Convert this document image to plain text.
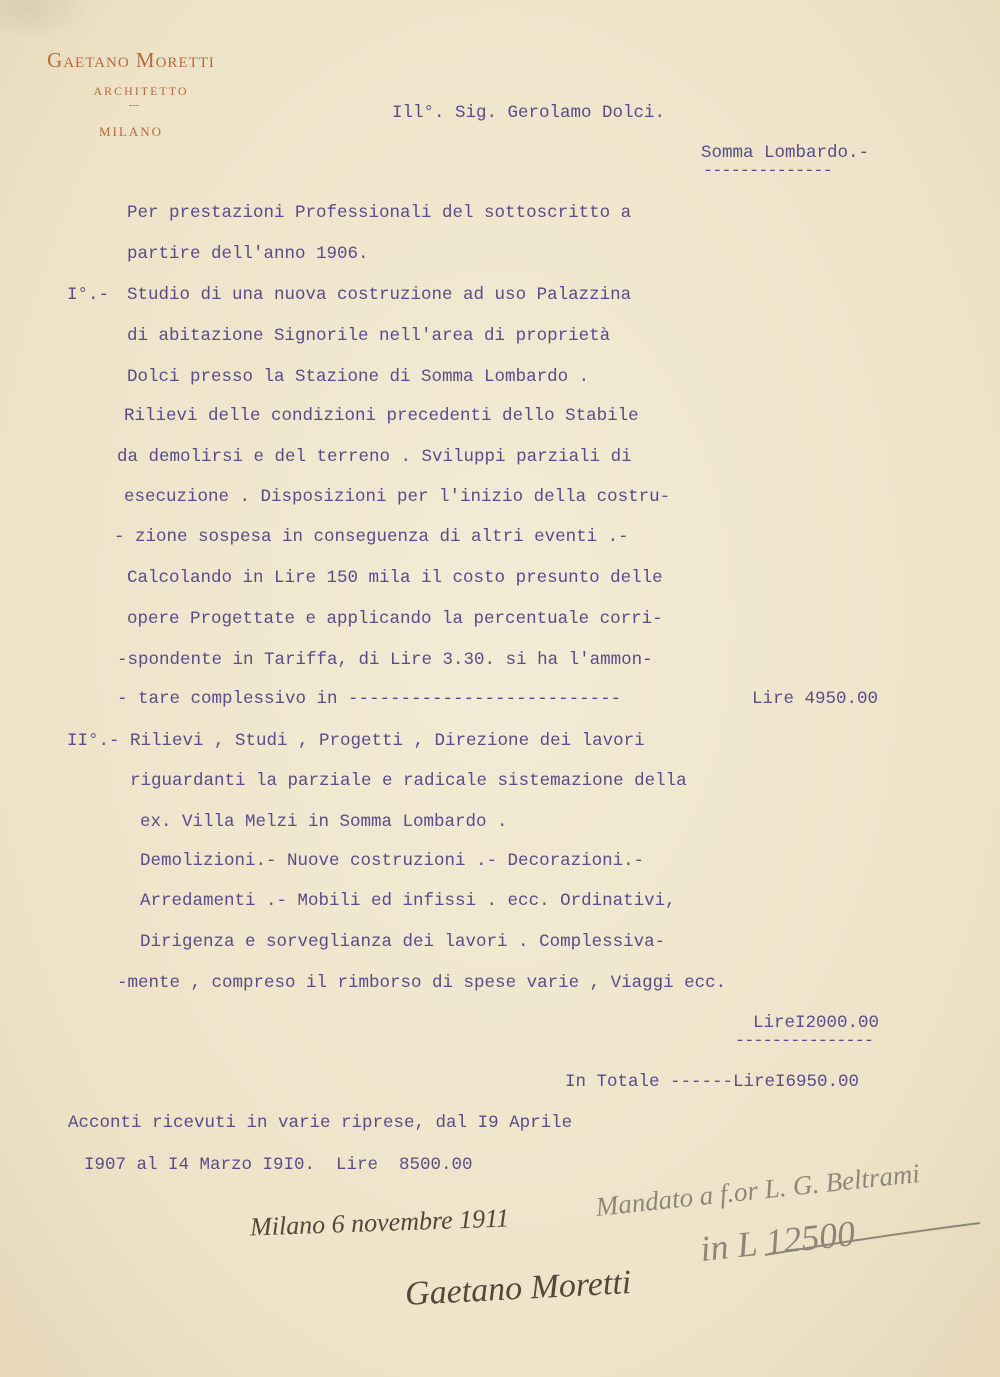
Gaetano Moretti
ARCHITETTO
---
MILANO
Ill°. Sig. Gerolamo Dolci.
Somma Lombardo.-
--------------
Per prestazioni Professionali del sottoscritto a
partire dell'anno 1906.
I°.- Studio di una nuova costruzione ad uso Palazzina
di abitazione Signorile nell'area di proprietà
Dolci presso la Stazione di Somma Lombardo .
Rilievi delle condizioni precedenti dello Stabile
da demolirsi e del terreno . Sviluppi parziali di
esecuzione . Disposizioni per l'inizio della costru-
- zione sospesa in conseguenza di altri eventi .-
Calcolando in Lire 150 mila il costo presunto delle
opere Progettate e applicando la percentuale corri-
-spondente in Tariffa, di Lire 3.30. si ha l'ammon-
- tare complessivo in --------------------------	Lire 4950.00
II°.- Rilievi , Studi , Progetti , Direzione dei lavori
riguardanti la parziale e radicale sistemazione della
ex. Villa Melzi in Somma Lombardo .
Demolizioni.- Nuove costruzioni .- Decorazioni.-
Arredamenti .- Mobili ed infissi . ecc. Ordinativi,
Dirigenza e sorveglianza dei lavori . Complessiva-
-mente , compreso il rimborso di spese varie , Viaggi ecc.
LireI2000.00
---------------
In Totale ------LireI6950.00
Acconti ricevuti in varie riprese, dal I9 Aprile
I907 al I4 Marzo I9I0.  Lire  8500.00
Milano 6 novembre 1911
Gaetano Moretti
Mandato a f.or L. G. Beltrami
in L 12500
